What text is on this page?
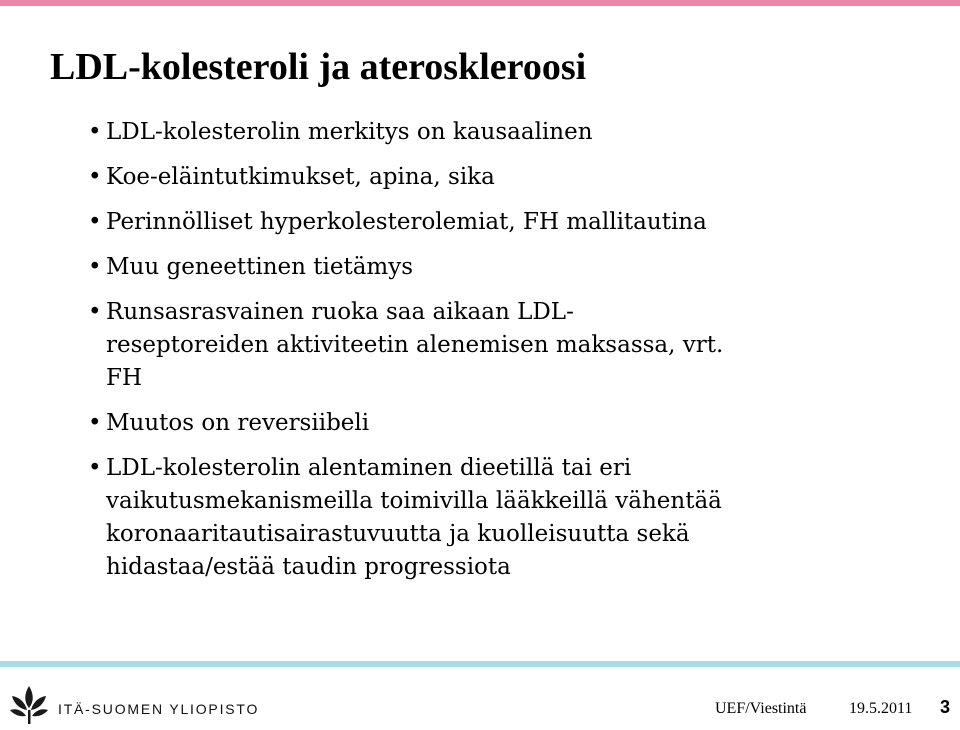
LDL-kolesteroli ja ateroskleroosi
• LDL-kolesterolin merkitys on kausaalinen
• Koe-eläintutkimukset, apina, sika
• Perinnölliset hyperkolesterolemiat, FH mallitautina
• Muu geneettinen tietämys
• Runsasrasvainen ruoka saa aikaan LDL-reseptoreiden aktiviteetin alenemisen maksassa, vrt. FH
• Muutos on reversiibeli
• LDL-kolesterolin alentaminen dieetillä tai eri vaikutusmekanismeilla toimivilla lääkkeillä vähentää koronaaritautisairastuvuutta ja kuolleisuutta sekä hidastaa/estää taudin progressiota
ITÄ-SUOMEN YLIOPISTO	UEF/Viestintä	19.5.2011 3
